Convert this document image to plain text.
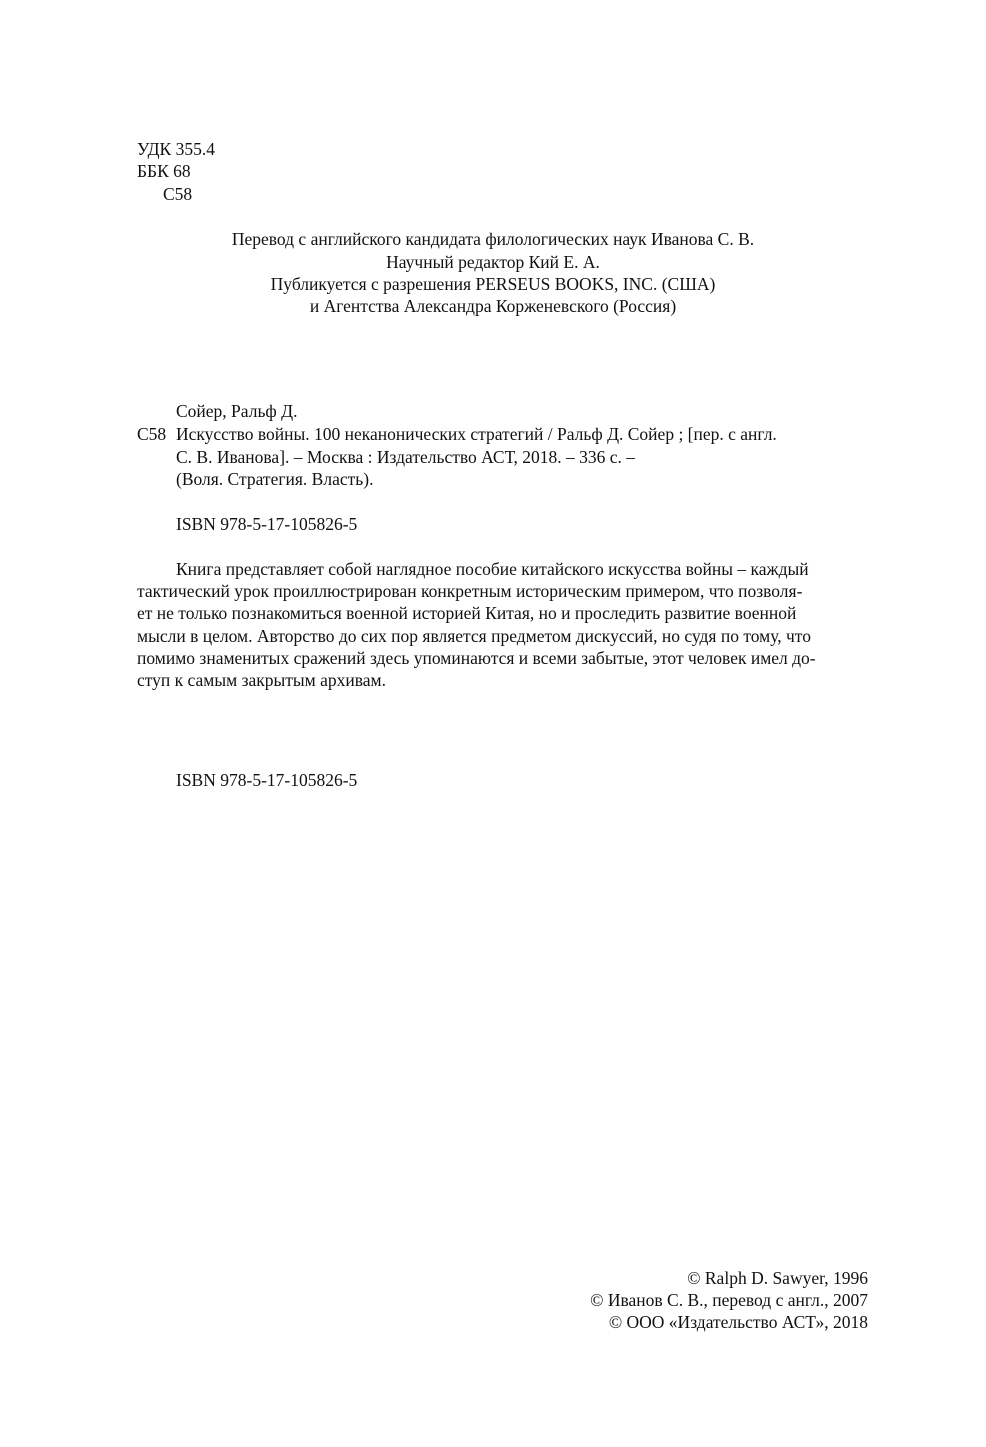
УДК 355.4
ББК 68
С58
Перевод с английского кандидата филологических наук Иванова С. В.
Научный редактор Кий Е. А.
Публикуется с разрешения PERSEUS BOOKS, INC. (США)
и Агентства Александра Корженевского (Россия)
Сойер, Ральф Д.
С58 Искусство войны. 100 неканонических стратегий / Ральф Д. Сойер ; [пер. с англ.
С. В. Иванова]. – Москва : Издательство АСТ, 2018. – 336 с. –
(Воля. Стратегия. Власть).
ISBN 978-5-17-105826-5
Книга представляет собой наглядное пособие китайского искусства войны – каждый
тактический урок проиллюстрирован конкретным историческим примером, что позволя-
ет не только познакомиться военной историей Китая, но и проследить развитие военной
мысли в целом. Авторство до сих пор является предметом дискуссий, но судя по тому, что
помимо знаменитых сражений здесь упоминаются и всеми забытые, этот человек имел до-
ступ к самым закрытым архивам.
ISBN 978-5-17-105826-5
© Ralph D. Sawyer, 1996
© Иванов С. В., перевод с англ., 2007
© ООО «Издательство АСТ», 2018
